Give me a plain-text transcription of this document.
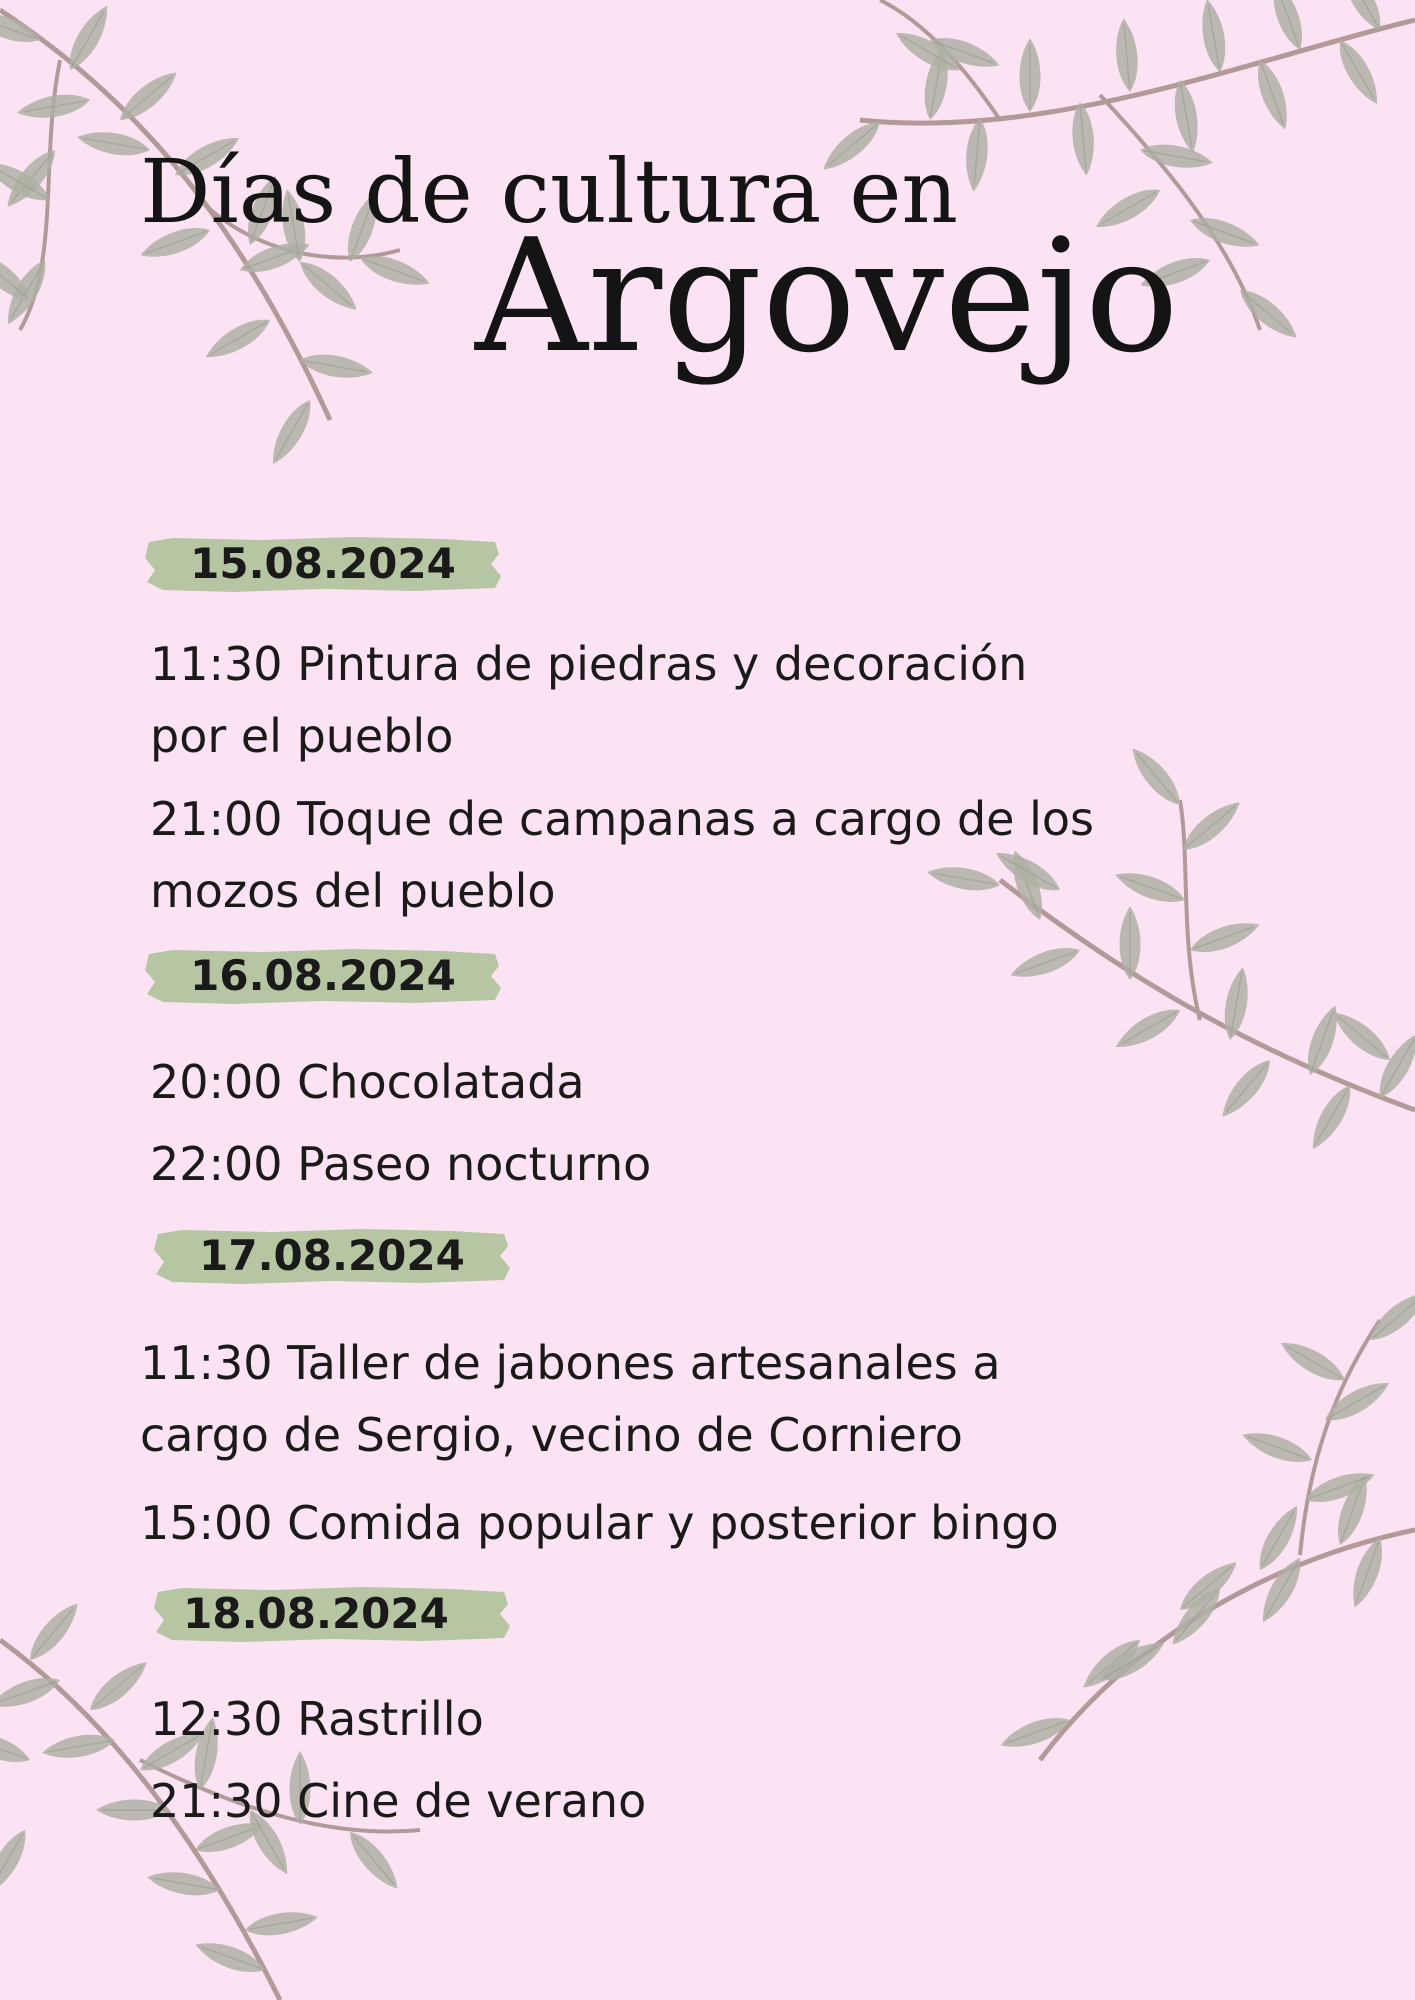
Días de cultura en
Argovejo
15.08.2024
11:30 Pintura de piedras y decoración
por el pueblo
21:00 Toque de campanas a cargo de los
mozos del pueblo
16.08.2024
20:00 Chocolatada
22:00 Paseo nocturno
17.08.2024
11:30 Taller de jabones artesanales a
cargo de Sergio, vecino de Corniero
15:00 Comida popular y posterior bingo
18.08.2024
12:30 Rastrillo
21:30 Cine de verano
